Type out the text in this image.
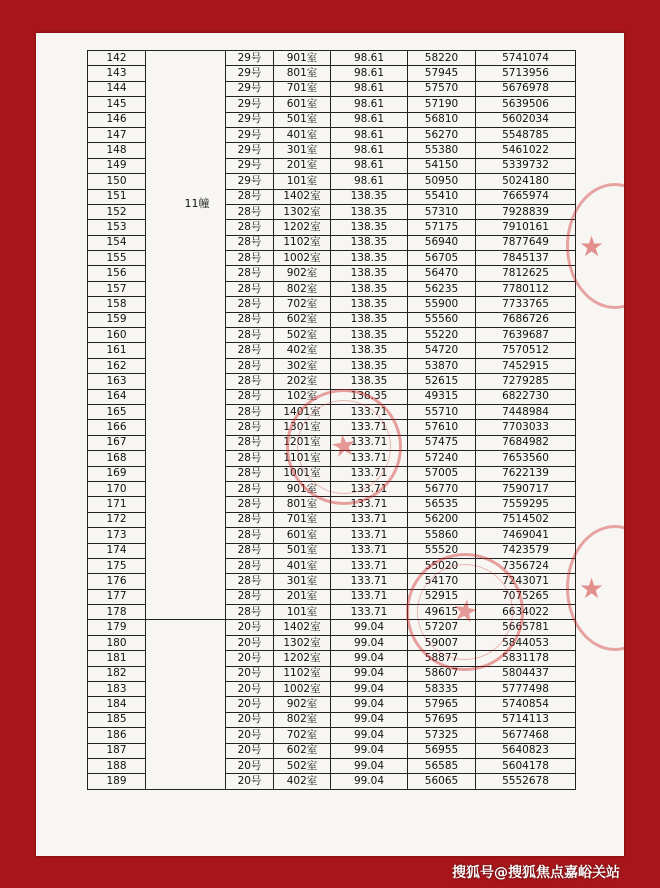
142		29号	901室	98.61	58220	5741074
143		29号	801室	98.61	57945	5713956
144		29号	701室	98.61	57570	5676978
145		29号	601室	98.61	57190	5639506
146		29号	501室	98.61	56810	5602034
147		29号	401室	98.61	56270	5548785
148		29号	301室	98.61	55380	5461022
149		29号	201室	98.61	54150	5339732
150		29号	101室	98.61	50950	5024180
151		28号	1402室	138.35	55410	7665974
152		28号	1302室	138.35	57310	7928839
153		28号	1202室	138.35	57175	7910161
154		28号	1102室	138.35	56940	7877649
155		28号	1002室	138.35	56705	7845137
156		28号	902室	138.35	56470	7812625
157		28号	802室	138.35	56235	7780112
158		28号	702室	138.35	55900	7733765
159		28号	602室	138.35	55560	7686726
160		28号	502室	138.35	55220	7639687
161		28号	402室	138.35	54720	7570512
162		28号	302室	138.35	53870	7452915
163		28号	202室	138.35	52615	7279285
164		28号	102室	138.35	49315	6822730
165		28号	1401室	133.71	55710	7448984
166		28号	1301室	133.71	57610	7703033
167		28号	1201室	133.71	57475	7684982
168		28号	1101室	133.71	57240	7653560
169		28号	1001室	133.71	57005	7622139
170		28号	901室	133.71	56770	7590717
171		28号	801室	133.71	56535	7559295
172		28号	701室	133.71	56200	7514502
173		28号	601室	133.71	55860	7469041
174		28号	501室	133.71	55520	7423579
175		28号	401室	133.71	55020	7356724
176		28号	301室	133.71	54170	7243071
177		28号	201室	133.71	52915	7075265
178		28号	101室	133.71	49615	6634022
179		20号	1402室	99.04	57207	5665781
180		20号	1302室	99.04	59007	5844053
181		20号	1202室	99.04	58877	5831178
182		20号	1102室	99.04	58607	5804437
183		20号	1002室	99.04	58335	5777498
184		20号	902室	99.04	57965	5740854
185		20号	802室	99.04	57695	5714113
186		20号	702室	99.04	57325	5677468
187		20号	602室	99.04	56955	5640823
188		20号	502室	99.04	56585	5604178
189		20号	402室	99.04	56065	5552678
11幢
★
★
★
★
搜狐号@搜狐焦点嘉峪关站
